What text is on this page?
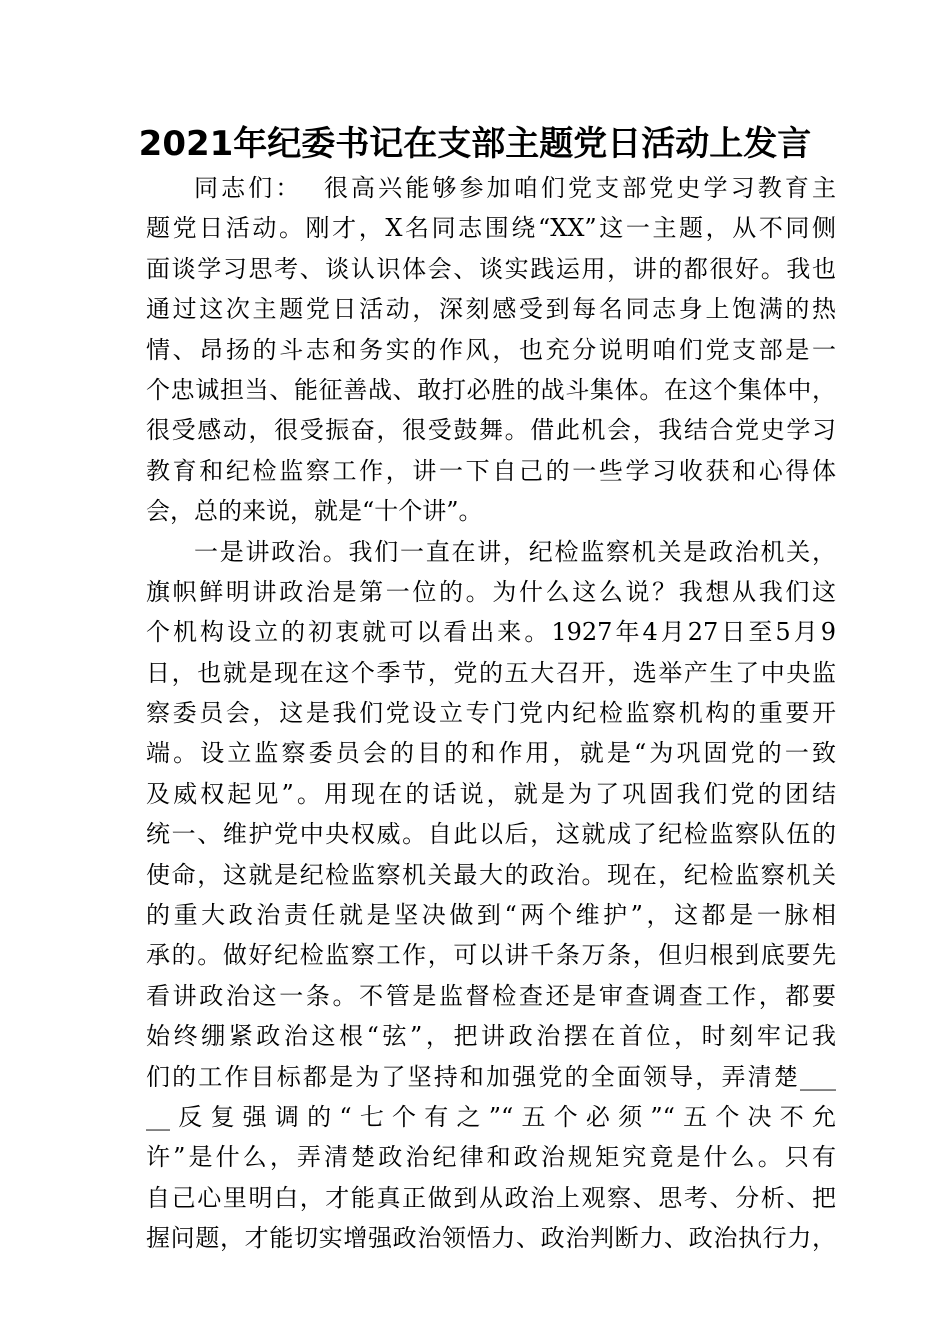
2021年纪委书记在支部主题党日活动上发言
同志们：  很高兴能够参加咱们党支部党史学习教育主
题党日活动。刚才，X名同志围绕“XX”这一主题，从不同侧
面谈学习思考、谈认识体会、谈实践运用，讲的都很好。我也
通过这次主题党日活动，深刻感受到每名同志身上饱满的热
情、昂扬的斗志和务实的作风，也充分说明咱们党支部是一
个忠诚担当、能征善战、敢打必胜的战斗集体。在这个集体中，
很受感动，很受振奋，很受鼓舞。借此机会，我结合党史学习
教育和纪检监察工作，讲一下自己的一些学习收获和心得体
会，总的来说，就是“十个讲”。
一是讲政治。我们一直在讲，纪检监察机关是政治机关，
旗帜鲜明讲政治是第一位的。为什么这么说？我想从我们这
个机构设立的初衷就可以看出来。1927年4月27日至5月9
日，也就是现在这个季节，党的五大召开，选举产生了中央监
察委员会，这是我们党设立专门党内纪检监察机构的重要开
端。设立监察委员会的目的和作用，就是“为巩固党的一致
及威权起见”。用现在的话说，就是为了巩固我们党的团结
统一、维护党中央权威。自此以后，这就成了纪检监察队伍的
使命，这就是纪检监察机关最大的政治。现在，纪检监察机关
的重大政治责任就是坚决做到“两个维护”，这都是一脉相
承的。做好纪检监察工作，可以讲千条万条，但归根到底要先
看讲政治这一条。不管是监督检查还是审查调查工作，都要
始终绷紧政治这根“弦”，把讲政治摆在首位，时刻牢记我
们的工作目标都是为了坚持和加强党的全面领导，弄清楚___
__反复强调的“七个有之”“五个必须”“五个决不允
许”是什么，弄清楚政治纪律和政治规矩究竟是什么。只有
自己心里明白，才能真正做到从政治上观察、思考、分析、把
握问题，才能切实增强政治领悟力、政治判断力、政治执行力，
